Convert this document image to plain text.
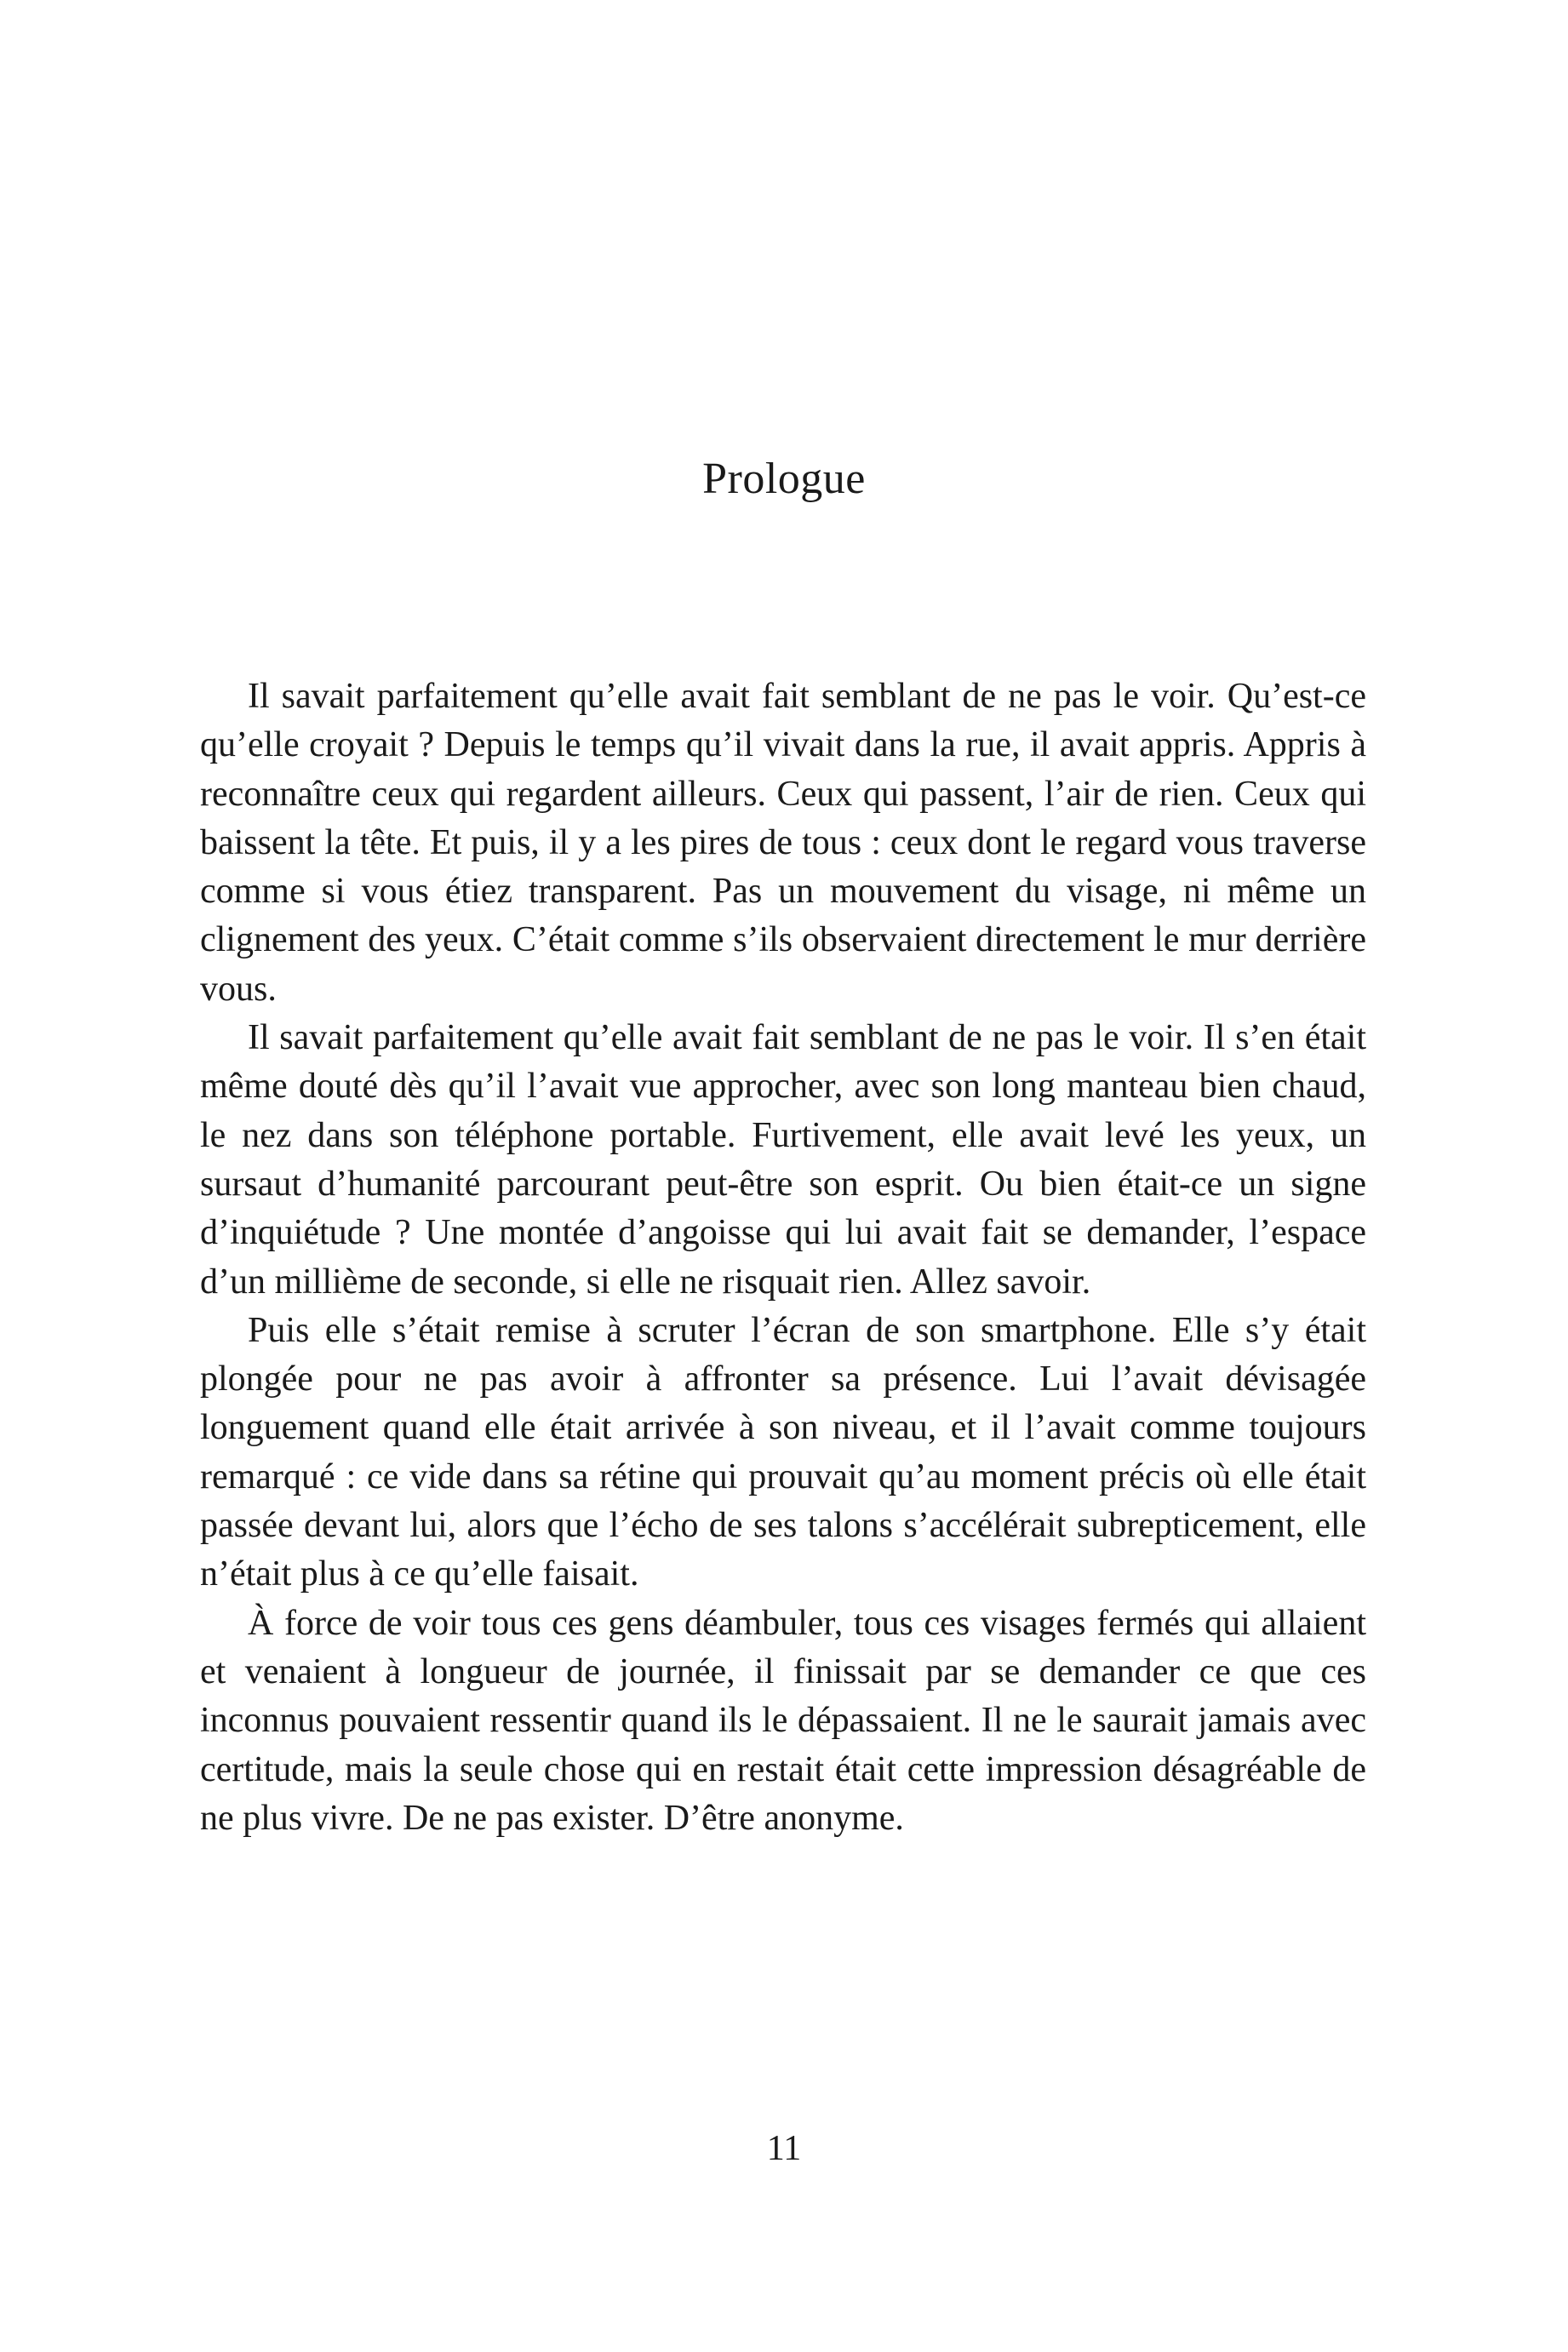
Prologue

Il savait parfaitement qu’elle avait fait semblant de ne pas le voir. Qu’est-ce qu’elle croyait ? Depuis le temps qu’il vivait dans la rue, il avait appris. Appris à reconnaître ceux qui regardent ailleurs. Ceux qui passent, l’air de rien. Ceux qui baissent la tête. Et puis, il y a les pires de tous : ceux dont le regard vous traverse comme si vous étiez transparent. Pas un mouvement du visage, ni même un clignement des yeux. C’était comme s’ils observaient directement le mur derrière vous.

Il savait parfaitement qu’elle avait fait semblant de ne pas le voir. Il s’en était même douté dès qu’il l’avait vue approcher, avec son long manteau bien chaud, le nez dans son téléphone portable. Furtivement, elle avait levé les yeux, un sursaut d’humanité parcourant peut-être son esprit. Ou bien était-ce un signe d’inquiétude ? Une montée d’angoisse qui lui avait fait se demander, l’espace d’un millième de seconde, si elle ne risquait rien. Allez savoir.

Puis elle s’était remise à scruter l’écran de son smartphone. Elle s’y était plongée pour ne pas avoir à affronter sa présence. Lui l’avait dévisagée longuement quand elle était arrivée à son niveau, et il l’avait comme toujours remarqué : ce vide dans sa rétine qui prouvait qu’au moment précis où elle était passée devant lui, alors que l’écho de ses talons s’accélérait subrepticement, elle n’était plus à ce qu’elle faisait.

À force de voir tous ces gens déambuler, tous ces visages fermés qui allaient et venaient à longueur de journée, il finissait par se demander ce que ces inconnus pouvaient ressentir quand ils le dépassaient. Il ne le saurait jamais avec certitude, mais la seule chose qui en restait était cette impression désagréable de ne plus vivre. De ne pas exister. D’être anonyme.

11
